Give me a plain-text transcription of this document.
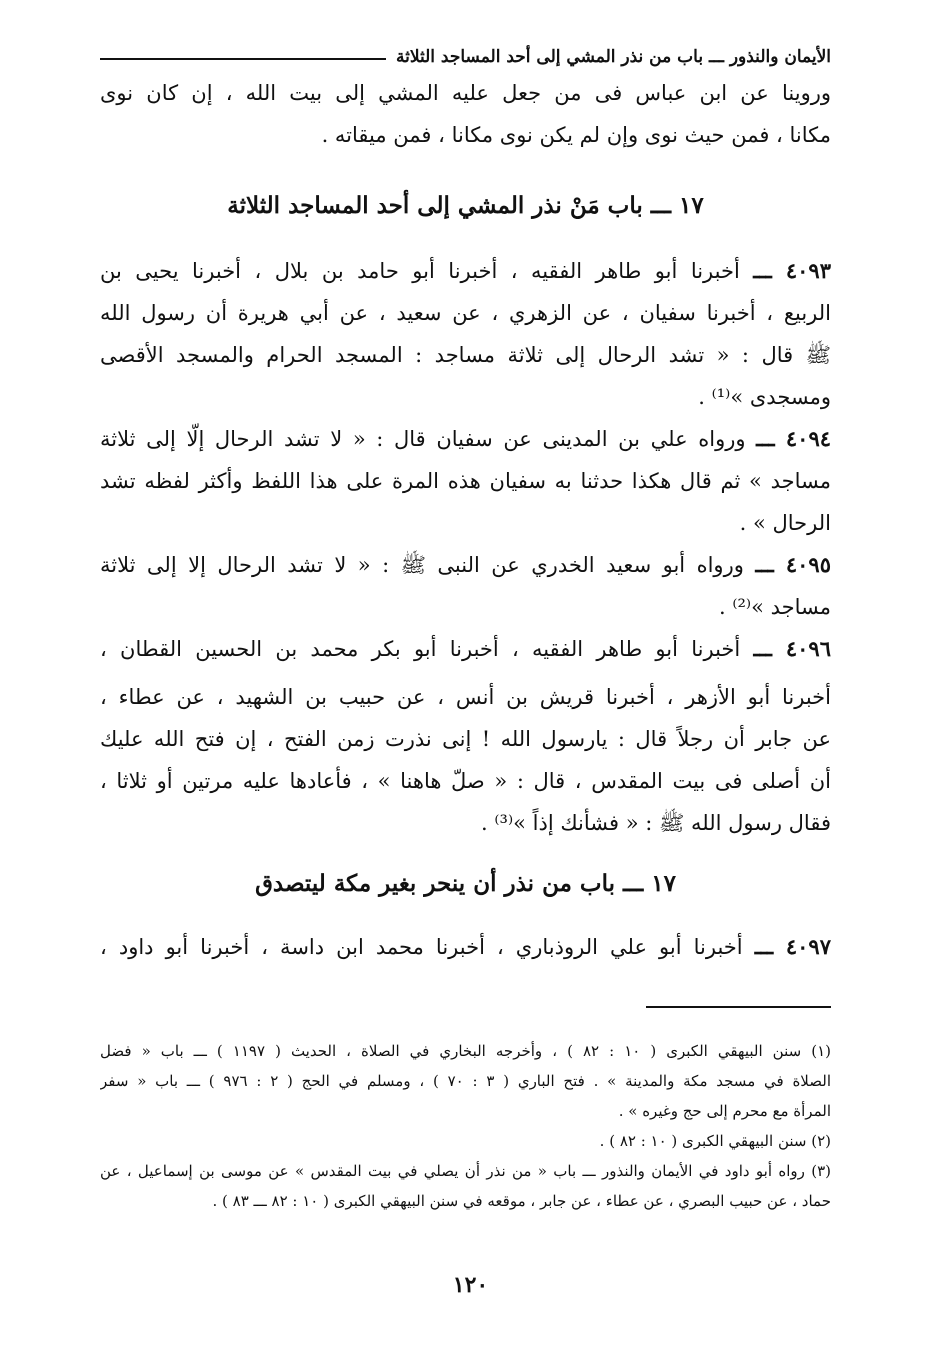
الأيمان والنذور ـــ باب من نذر المشي إلى أحد المساجد الثلاثة
وروينا عن ابن عباس فى من جعل عليه المشي إلى بيت الله ، إن كان نوى
مكانا ، فمن حيث نوى وإن لم يكن نوى مكانا ، فمن ميقاته .
١٧ ـــ باب مَنْ نذر المشي إلى أحد المساجد الثلاثة
٤٠٩٣ ـــ أخبرنا أبو طاهر الفقيه ، أخبرنا أبو حامد بن بلال ، أخبرنا يحيى بن
الربيع ، أخبرنا سفيان ، عن الزهري ، عن سعيد ، عن أبي هريرة أن رسول الله
ﷺ قال : « تشد الرحال إلى ثلاثة مساجد : المسجد الحرام والمسجد الأقصى
ومسجدى »⁽¹⁾ .
٤٠٩٤ ـــ ورواه علي بن المدينى عن سفيان قال : « لا تشد الرحال إلّا إلى ثلاثة
مساجد » ثم قال هكذا حدثنا به سفيان هذه المرة على هذا اللفظ وأكثر لفظه تشد
الرحال » .
٤٠٩٥ ـــ ورواه أبو سعيد الخدري عن النبى ﷺ : « لا تشد الرحال إلا إلى ثلاثة
مساجد »⁽²⁾ .
٤٠٩٦ ـــ أخبرنا أبو طاهر الفقيه ، أخبرنا أبو بكر محمد بن الحسين القطان ،
أخبرنا أبو الأزهر ، أخبرنا قريش بن أنس ، عن حبيب بن الشهيد ، عن عطاء ،
عن جابر أن رجلاً قال : يارسول الله ! إنى نذرت زمن الفتح ، إن فتح الله عليك
أن أصلى فى بيت المقدس ، قال : « صلّ هاهنا » ، فأعادها عليه مرتين أو ثلاثا ،
فقال رسول الله ﷺ : « فشأنك إذاً »⁽³⁾ .
١٧ ـــ باب من نذر أن ينحر بغير مكة ليتصدق
٤٠٩٧ ـــ أخبرنا أبو علي الروذباري ، أخبرنا محمد ابن داسة ، أخبرنا أبو داود ،
(١) سنن البيهقي الكبرى ( ١٠ : ٨٢ ) ، وأخرجه البخاري في الصلاة ، الحديث ( ١١٩٧ ) ـــ باب « فضل
الصلاة في مسجد مكة والمدينة » . فتح الباري ( ٣ : ٧٠ ) ، ومسلم في الحج ( ٢ : ٩٧٦ ) ـــ باب « سفر
المرأة مع محرم إلى حج وغيره » .
(٢) سنن البيهقي الكبرى ( ١٠ : ٨٢ ) .
(٣) رواه أبو داود في الأيمان والنذور ـــ باب « من نذر أن يصلي في بيت المقدس » عن موسى بن إسماعيل ، عن
حماد ، عن حبيب البصري ، عن عطاء ، عن جابر ، موقعه في سنن البيهقي الكبرى ( ١٠ : ٨٢ ـــ ٨٣ ) .
١٢٠
